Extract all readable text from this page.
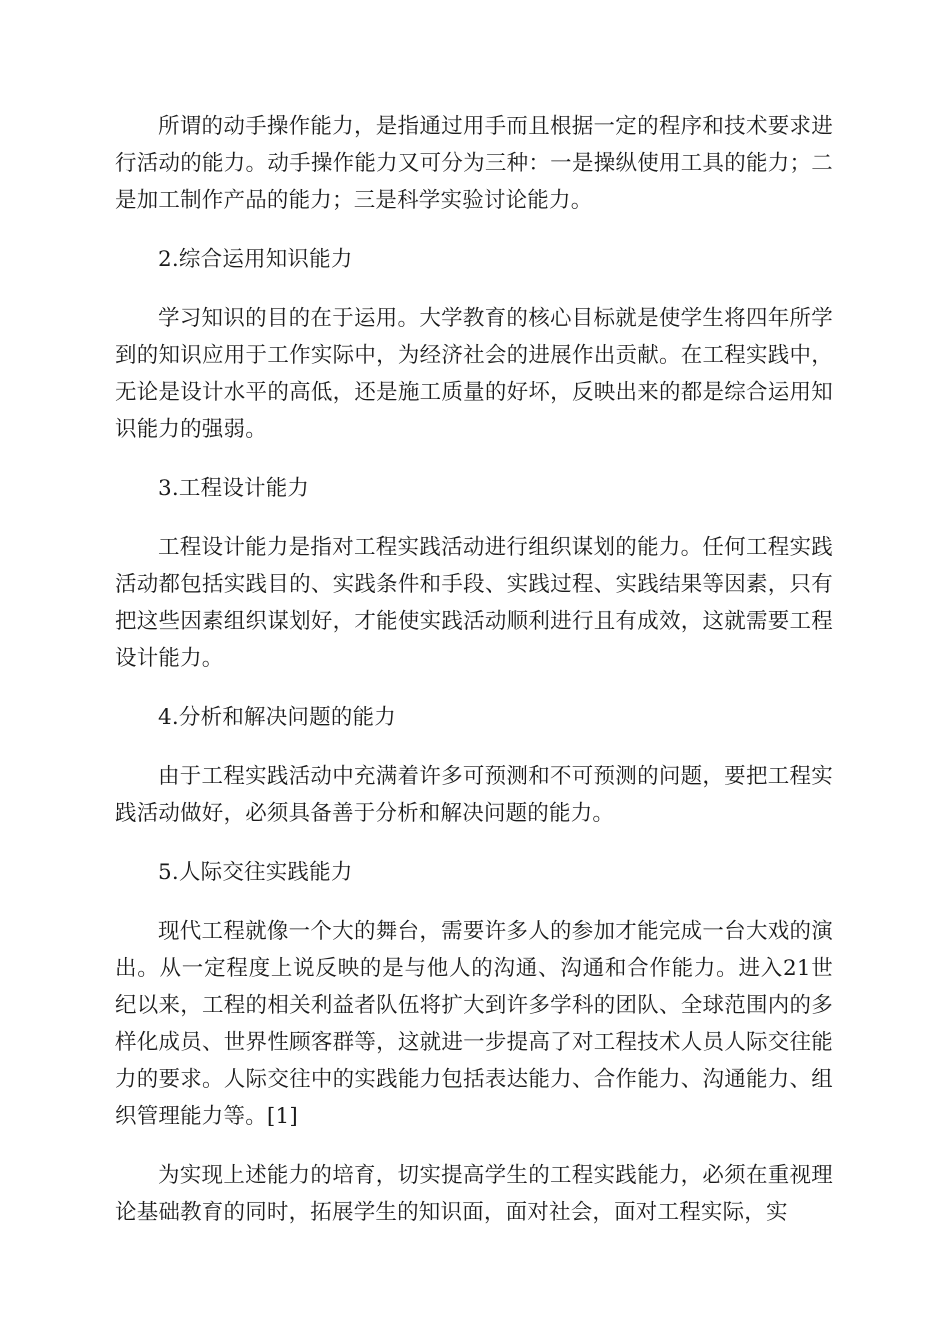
所谓的动手操作能力，是指通过用手而且根据一定的程序和技术要求进行活动的能力。动手操作能力又可分为三种：一是操纵使用工具的能力；二是加工制作产品的能力；三是科学实验讨论能力。

2.综合运用知识能力

学习知识的目的在于运用。大学教育的核心目标就是使学生将四年所学到的知识应用于工作实际中，为经济社会的进展作出贡献。在工程实践中，无论是设计水平的高低，还是施工质量的好坏，反映出来的都是综合运用知识能力的强弱。

3.工程设计能力

工程设计能力是指对工程实践活动进行组织谋划的能力。任何工程实践活动都包括实践目的、实践条件和手段、实践过程、实践结果等因素，只有把这些因素组织谋划好，才能使实践活动顺利进行且有成效，这就需要工程设计能力。

4.分析和解决问题的能力

由于工程实践活动中充满着许多可预测和不可预测的问题，要把工程实践活动做好，必须具备善于分析和解决问题的能力。

5.人际交往实践能力

现代工程就像一个大的舞台，需要许多人的参加才能完成一台大戏的演出。从一定程度上说反映的是与他人的沟通、沟通和合作能力。进入21世纪以来，工程的相关利益者队伍将扩大到许多学科的团队、全球范围内的多样化成员、世界性顾客群等，这就进一步提高了对工程技术人员人际交往能力的要求。人际交往中的实践能力包括表达能力、合作能力、沟通能力、组织管理能力等。[1]

为实现上述能力的培育，切实提高学生的工程实践能力，必须在重视理论基础教育的同时，拓展学生的知识面，面对社会，面对工程实际，实
